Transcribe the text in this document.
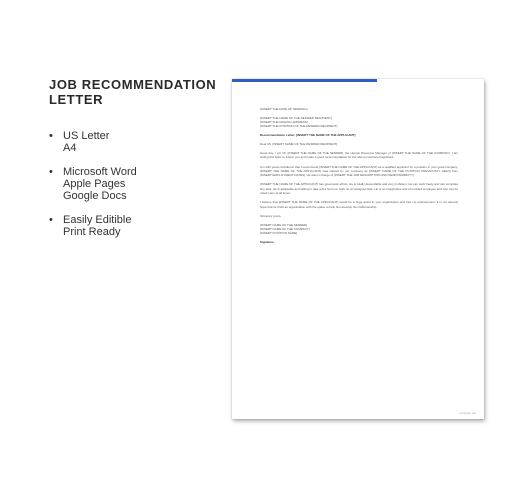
JOB RECOMMENDATION LETTER
• US Letter
A4
• Microsoft Word
Apple Pages
Google Docs
• Easily Editible
Print Ready
[INSERT THE DATE OF SENDING]
[INSERT THE NAME OF THE DESIRED RECIPIENT]
[INSERT THE MAILING ADDRESS]
[INSERT THE POSITION OF THE DESIRED RECIPIENT]
Recommendation Letter: [INSERT THE NAME OF THE APPLICANT]
Dear Mr. [INSERT NAME OF THE DESIRED RECIPIENT],
Good day. I am Mr. [INSERT THE NAME OF THE SENDER], the Human Resource Manager of [INSERT THE NAME OF THE COMPANY]. I am writing this letter to inform you and make a good recommendation for the above-mentioned applicant.
It is with great confidence that I recommend [INSERT THE NAME OF THE APPLICANT] as a qualified applicant for a position in your good company. [INSERT THE NAME OF THE APPLICANT] was utilized by our company as [INSERT NAME OF THE POSITION PREVIOUSLY HELD] from [INSERT EMPLOYMENT DATES]. He was in charge of [INSERT THE JOB DESCRIPTION AND RESPONSIBILITY].
[INSERT THE NAME OF THE APPLICANT] has great work ethics. He is totally dependable and very proficient. He can work freely and can complete any task. He is adaptable and willing to take extra hours to work on an assigned task. He is an imaginative and committed employee and who can be relied upon at all times.
I believe that [INSERT THE NAME OF THE APPLICANT] would be a huge asset to your organization and has my endorsement. It is my earnest hope that he finds an organization with the space to help him develop his craftsmanship.
Sincerely yours,
[INSERT NAME OF THE SENDER]
[INSERT NAME OF THE COMPANY]
[INSERT POSITION NAME]
Signature
template.net
